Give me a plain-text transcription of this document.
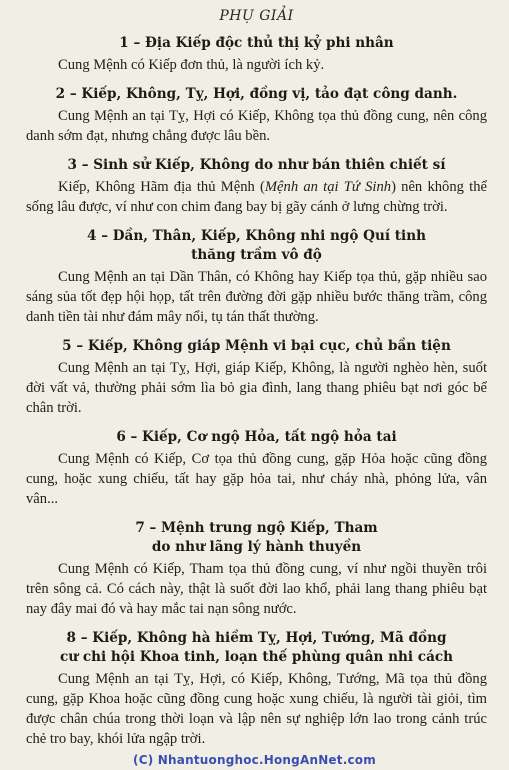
PHỤ GIẢI
1 – Địa Kiếp độc thủ thị kỷ phi nhân

Cung Mệnh có Kiếp đơn thủ, là người ích kỷ.

2 – Kiếp, Không, Tỵ, Hợi, đồng vị, tảo đạt công danh.

Cung Mệnh an tại Tỵ, Hợi có Kiếp, Không tọa thủ đồng cung, nên công danh sớm đạt, nhưng chẳng được lâu bền.

3 – Sinh sử Kiếp, Không do như bán thiên chiết sí

Kiếp, Không Hãm địa thủ Mệnh (Mệnh an tại Tứ Sinh) nên không thể sống lâu được, ví như con chim đang bay bị gãy cánh ở lưng chừng trời.

4 – Dần, Thân, Kiếp, Không nhi ngộ Quí tinh
thăng trầm vô độ

Cung Mệnh an tại Dần Thân, có Không hay Kiếp tọa thủ, gặp nhiều sao sáng sủa tốt đẹp hội họp, tất trên đường đời gặp nhiều bước thăng trầm, công danh tiền tài như đám mây nổi, tụ tán thất thường.

5 – Kiếp, Không giáp Mệnh vi bại cục, chủ bần tiện

Cung Mệnh an tại Tỵ, Hợi, giáp Kiếp, Không, là người nghèo hèn, suốt đời vất vả, thường phải sớm lìa bỏ gia đình, lang thang phiêu bạt nơi góc bể chân trời.

6 – Kiếp, Cơ ngộ Hỏa, tất ngộ hỏa tai

Cung Mệnh có Kiếp, Cơ tọa thủ đồng cung, gặp Hỏa hoặc cũng đồng cung, hoặc xung chiếu, tất hay gặp hỏa tai, như cháy nhà, phỏng lửa, vân vân...

7 – Mệnh trung ngộ Kiếp, Tham
do như lãng lý hành thuyền

Cung Mệnh có Kiếp, Tham tọa thủ đồng cung, ví như ngồi thuyền trôi trên sông cả. Có cách này, thật là suốt đời lao khổ, phải lang thang phiêu bạt nay đây mai đó và hay mắc tai nạn sông nước.

8 – Kiếp, Không hà hiềm Tỵ, Hợi, Tướng, Mã đồng
cư chi hội Khoa tinh, loạn thế phùng quân nhi cách

Cung Mệnh an tại Tỵ, Hợi, có Kiếp, Không, Tướng, Mã tọa thủ đồng cung, gặp Khoa hoặc cũng đồng cung hoặc xung chiếu, là người tài giỏi, tìm được chân chúa trong thời loạn và lập nên sự nghiệp lớn lao trong cảnh trúc chẻ tro bay, khói lửa ngập trời.

(C) Nhantuonghoc.HongAnNet.com
